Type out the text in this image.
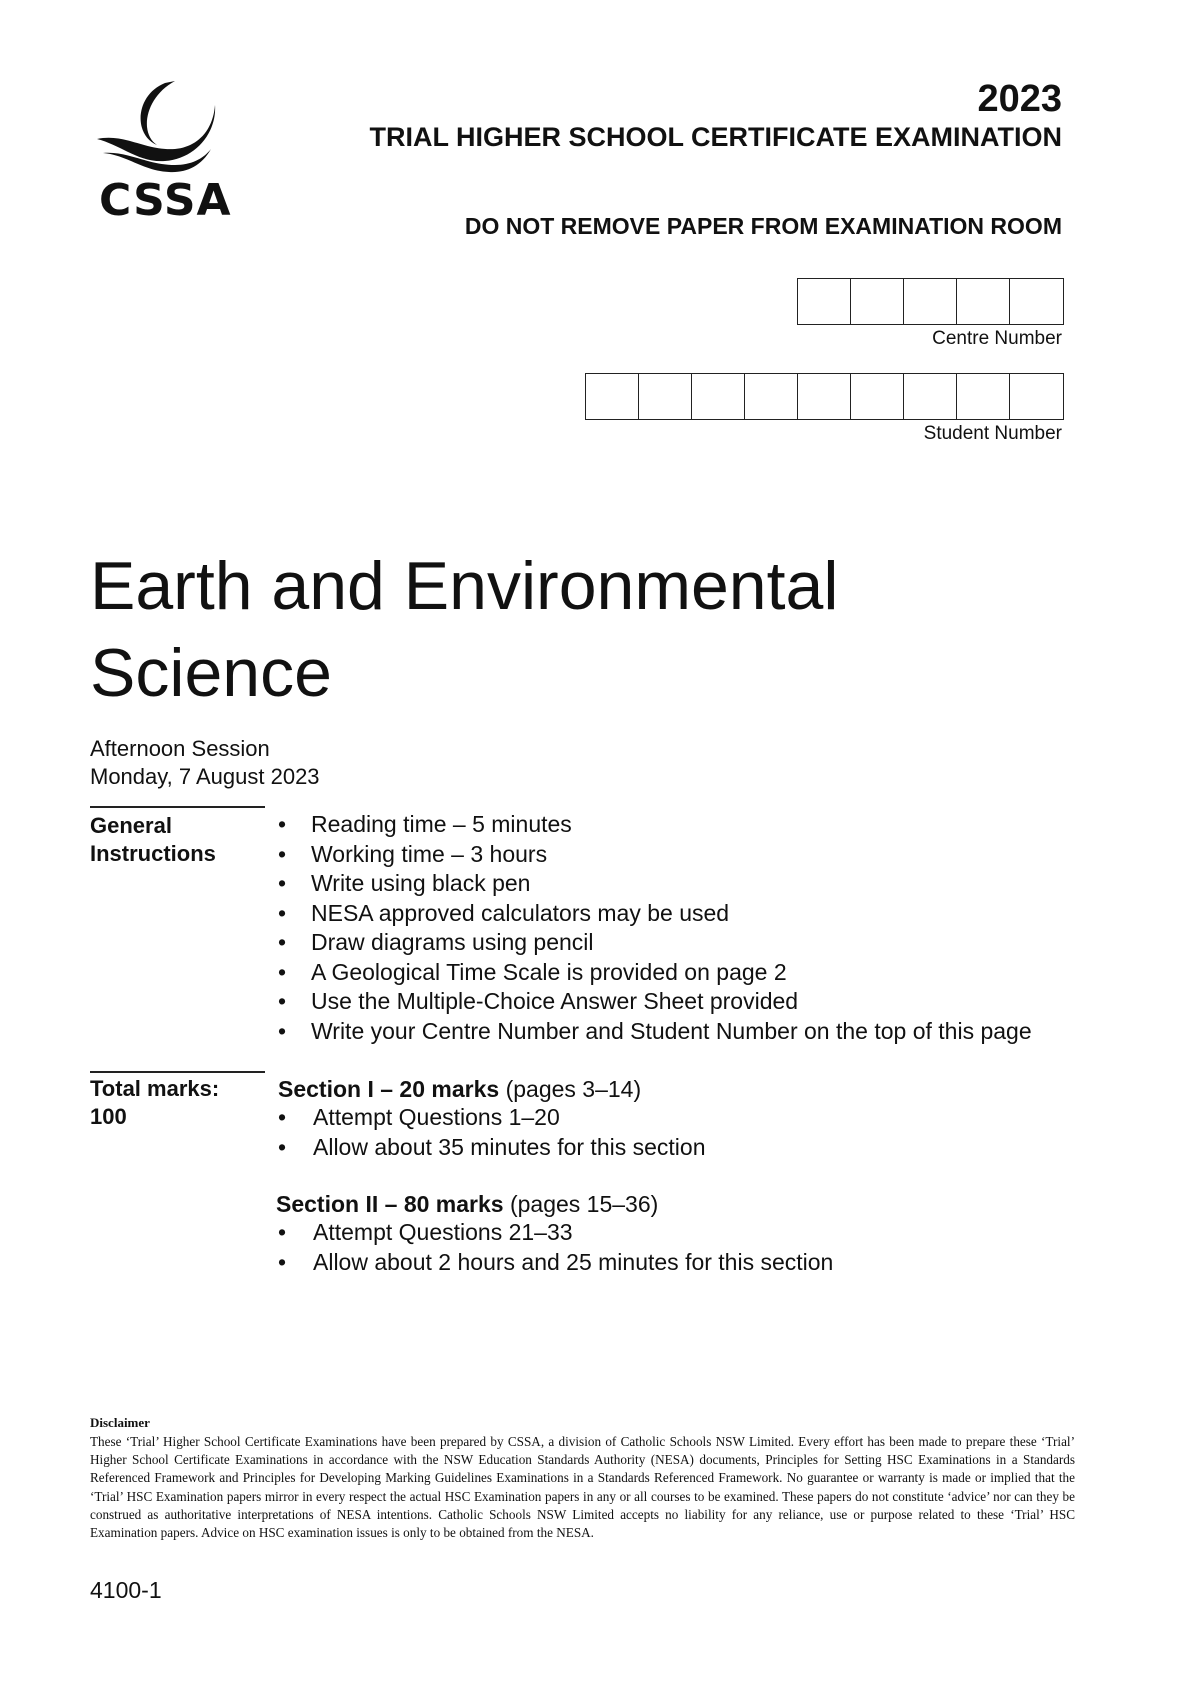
CSSA
2023
TRIAL HIGHER SCHOOL CERTIFICATE EXAMINATION
DO NOT REMOVE PAPER FROM EXAMINATION ROOM
Centre Number
Student Number
Earth and Environmental Science
Afternoon Session
Monday, 7 August 2023
General
Instructions
• Reading time – 5 minutes
• Working time – 3 hours
• Write using black pen
• NESA approved calculators may be used
• Draw diagrams using pencil
• A Geological Time Scale is provided on page 2
• Use the Multiple-Choice Answer Sheet provided
• Write your Centre Number and Student Number on the top of this page
Total marks:
100
Section I – 20 marks (pages 3–14)
• Attempt Questions 1–20
• Allow about 35 minutes for this section
Section II – 80 marks (pages 15–36)
• Attempt Questions 21–33
• Allow about 2 hours and 25 minutes for this section
Disclaimer
These ‘Trial’ Higher School Certificate Examinations have been prepared by CSSA, a division of Catholic Schools NSW Limited. Every effort has been made to prepare these ‘Trial’ Higher School Certificate Examinations in accordance with the NSW Education Standards Authority (NESA) documents, Principles for Setting HSC Examinations in a Standards Referenced Framework and Principles for Developing Marking Guidelines Examinations in a Standards Referenced Framework. No guarantee or warranty is made or implied that the ‘Trial’ HSC Examination papers mirror in every respect the actual HSC Examination papers in any or all courses to be examined. These papers do not constitute ‘advice’ nor can they be construed as authoritative interpretations of NESA intentions. Catholic Schools NSW Limited accepts no liability for any reliance, use or purpose related to these ‘Trial’ HSC Examination papers. Advice on HSC examination issues is only to be obtained from the NESA.
4100-1
